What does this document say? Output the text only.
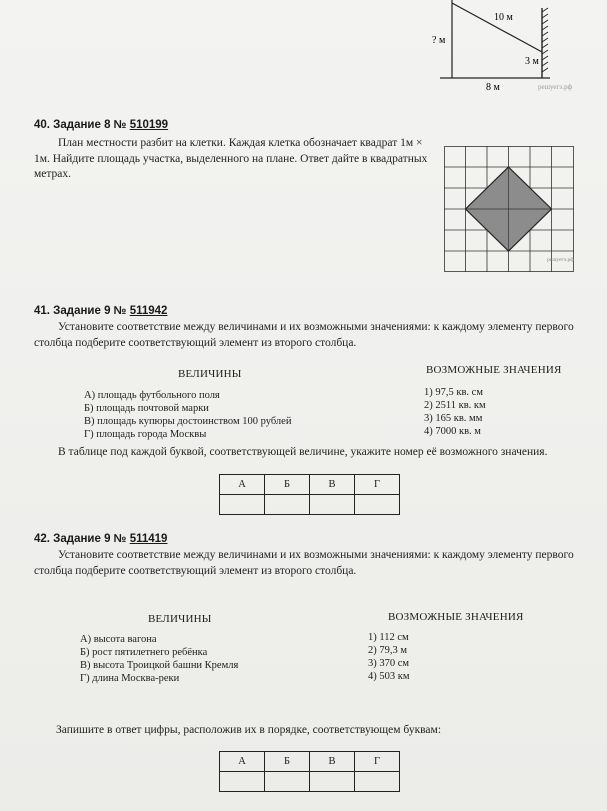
10 м
? м
3 м
8 м	решуегэ.рф
40. Задание 8 № 510199
План местности разбит на клетки. Каждая клетка обозначает квадрат 1м × 1м. Найдите площадь участка, выделенного на плане. Ответ дайте в квадратных метрах.
решуегэ.рф
41. Задание 9 № 511942
Установите соответствие между величинами и их возможными значениями: к каждому элементу первого столбца подберите соответствующий элемент из второго столбца.
ВЕЛИЧИНЫ	ВОЗМОЖНЫЕ ЗНАЧЕНИЯ
А) площадь футбольного поля
Б) площадь почтовой марки
В) площадь купюры достоинством 100 рублей
Г) площадь города Москвы
1) 97,5 кв. см
2) 2511 кв. км
3) 165 кв. мм
4) 7000 кв. м
В таблице под каждой буквой, соответствующей величине, укажите номер её возможного значения.
А	Б	В	Г

42. Задание 9 № 511419
Установите соответствие между величинами и их возможными значениями: к каждому элементу первого столбца подберите соответствующий элемент из второго столбца.
ВЕЛИЧИНЫ	ВОЗМОЖНЫЕ ЗНАЧЕНИЯ
А) высота вагона
Б) рост пятилетнего ребёнка
В) высота Троицкой башни Кремля
Г) длина Москва-реки
1) 112 см
2) 79,3 м
3) 370 см
4) 503 км
Запишите в ответ цифры, расположив их в порядке, соответствующем буквам:
А	Б	В	Г
